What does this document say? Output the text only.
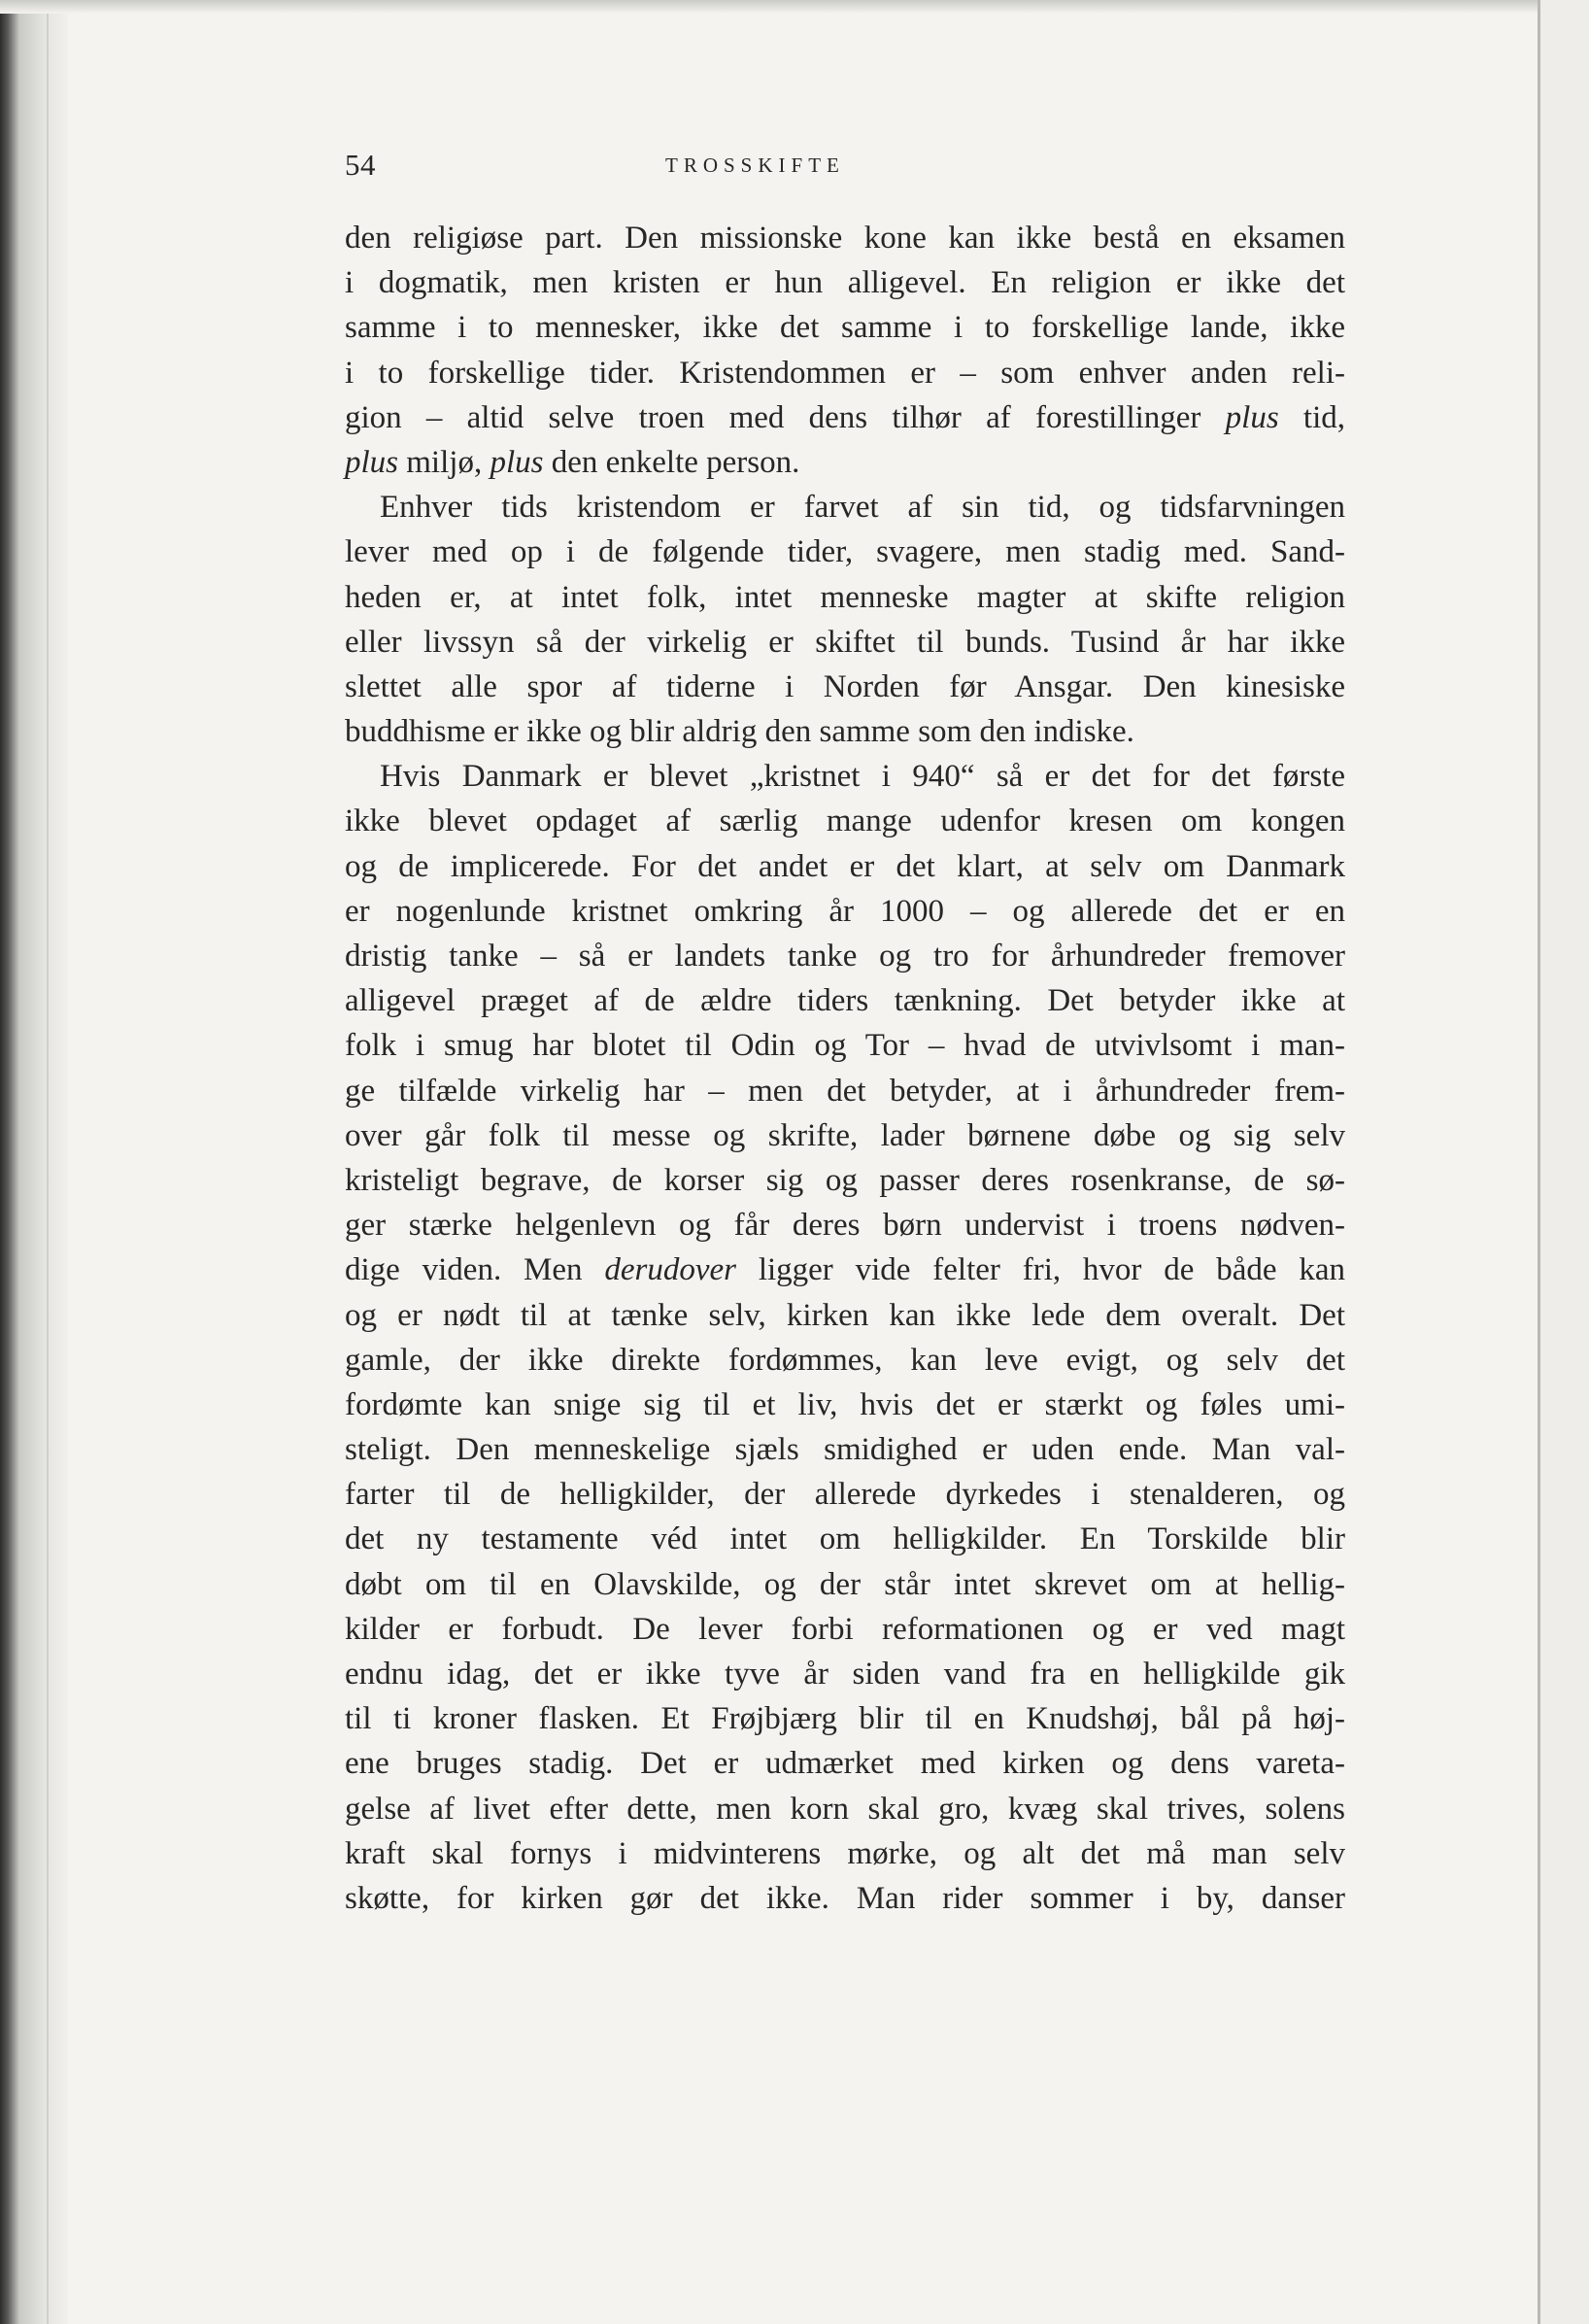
54	TROSSKIFTE
den religiøse part. Den missionske kone kan ikke bestå en eksamen
i dogmatik, men kristen er hun alligevel. En religion er ikke det
samme i to mennesker, ikke det samme i to forskellige lande, ikke
i to forskellige tider. Kristendommen er – som enhver anden reli-
gion – altid selve troen med dens tilhør af forestillinger plus tid,
plus miljø, plus den enkelte person.
Enhver tids kristendom er farvet af sin tid, og tidsfarvningen
lever med op i de følgende tider, svagere, men stadig med. Sand-
heden er, at intet folk, intet menneske magter at skifte religion
eller livssyn så der virkelig er skiftet til bunds. Tusind år har ikke
slettet alle spor af tiderne i Norden før Ansgar. Den kinesiske
buddhisme er ikke og blir aldrig den samme som den indiske.
Hvis Danmark er blevet „kristnet i 940“ så er det for det første
ikke blevet opdaget af særlig mange udenfor kresen om kongen
og de implicerede. For det andet er det klart, at selv om Danmark
er nogenlunde kristnet omkring år 1000 – og allerede det er en
dristig tanke – så er landets tanke og tro for århundreder fremover
alligevel præget af de ældre tiders tænkning. Det betyder ikke at
folk i smug har blotet til Odin og Tor – hvad de utvivlsomt i man-
ge tilfælde virkelig har – men det betyder, at i århundreder frem-
over går folk til messe og skrifte, lader børnene døbe og sig selv
kristeligt begrave, de korser sig og passer deres rosenkranse, de sø-
ger stærke helgenlevn og får deres børn undervist i troens nødven-
dige viden. Men derudover ligger vide felter fri, hvor de både kan
og er nødt til at tænke selv, kirken kan ikke lede dem overalt. Det
gamle, der ikke direkte fordømmes, kan leve evigt, og selv det
fordømte kan snige sig til et liv, hvis det er stærkt og føles umi-
steligt. Den menneskelige sjæls smidighed er uden ende. Man val-
farter til de helligkilder, der allerede dyrkedes i stenalderen, og
det ny testamente véd intet om helligkilder. En Torskilde blir
døbt om til en Olavskilde, og der står intet skrevet om at hellig-
kilder er forbudt. De lever forbi reformationen og er ved magt
endnu idag, det er ikke tyve år siden vand fra en helligkilde gik
til ti kroner flasken. Et Frøjbjærg blir til en Knudshøj, bål på høj-
ene bruges stadig. Det er udmærket med kirken og dens vareta-
gelse af livet efter dette, men korn skal gro, kvæg skal trives, solens
kraft skal fornys i midvinterens mørke, og alt det må man selv
skøtte, for kirken gør det ikke. Man rider sommer i by, danser
